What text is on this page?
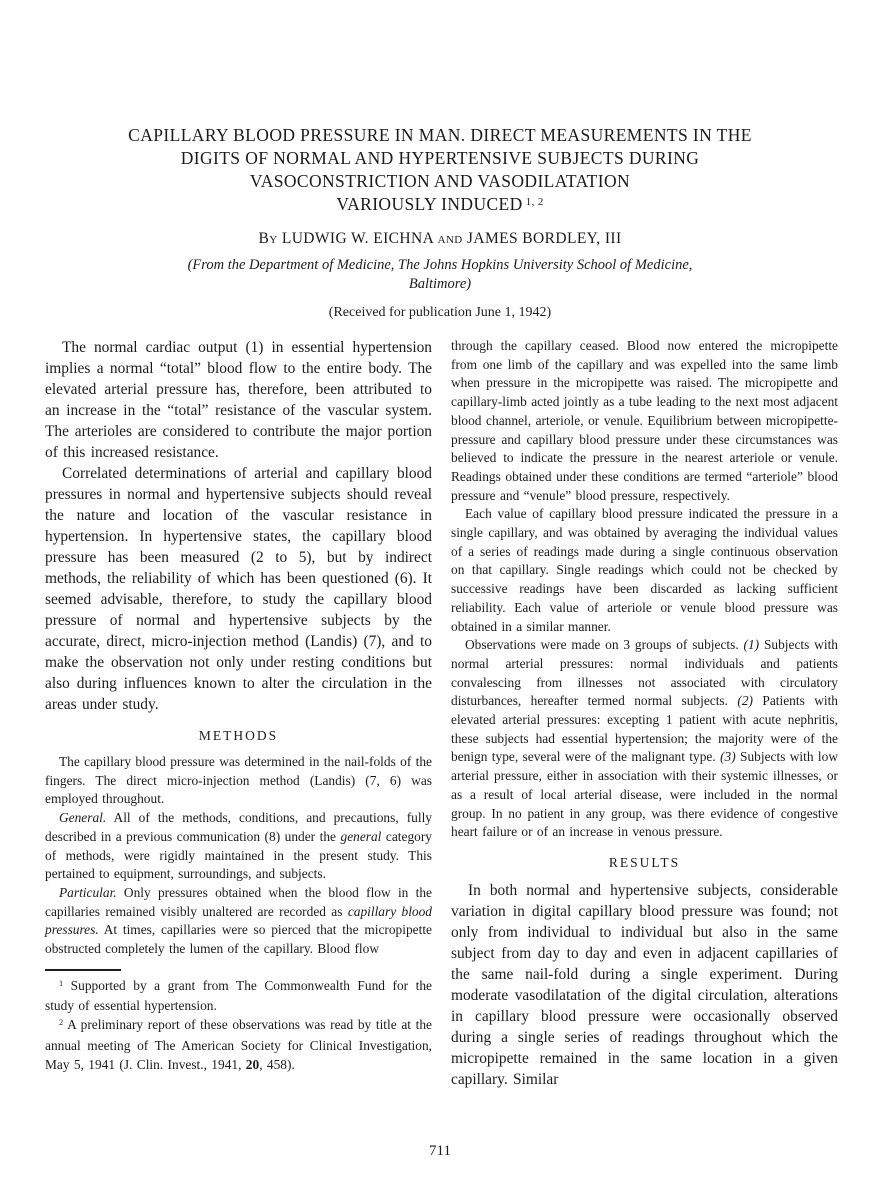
CAPILLARY BLOOD PRESSURE IN MAN. DIRECT MEASUREMENTS IN THE
DIGITS OF NORMAL AND HYPERTENSIVE SUBJECTS DURING
VASOCONSTRICTION AND VASODILATATION
VARIOUSLY INDUCED $^{1, 2}$
By LUDWIG W. EICHNA and JAMES BORDLEY, III
(From the Department of Medicine, The Johns Hopkins University School of Medicine,
Baltimore)
(Received for publication June 1, 1942)

The normal cardiac output (1) in essential hypertension implies a normal “total” blood flow to the entire body. The elevated arterial pressure has, therefore, been attributed to an increase in the “total” resistance of the vascular system. The arterioles are considered to contribute the major portion of this increased resistance.

Correlated determinations of arterial and capillary blood pressures in normal and hypertensive subjects should reveal the nature and location of the vascular resistance in hypertension. In hypertensive states, the capillary blood pressure has been measured (2 to 5), but by indirect methods, the reliability of which has been questioned (6). It seemed advisable, therefore, to study the capillary blood pressure of normal and hypertensive subjects by the accurate, direct, micro-injection method (Landis) (7), and to make the observation not only under resting conditions but also during influences known to alter the circulation in the areas under study.

METHODS

The capillary blood pressure was determined in the nail-folds of the fingers. The direct micro-injection method (Landis) (7, 6) was employed throughout.

General. All of the methods, conditions, and precautions, fully described in a previous communication (8) under the general category of methods, were rigidly maintained in the present study. This pertained to equipment, surroundings, and subjects.

Particular. Only pressures obtained when the blood flow in the capillaries remained visibly unaltered are recorded as capillary blood pressures. At times, capillaries were so pierced that the micropipette obstructed completely the lumen of the capillary. Blood flow

$^1$ Supported by a grant from The Commonwealth Fund for the study of essential hypertension.

$^2$ A preliminary report of these observations was read by title at the annual meeting of The American Society for Clinical Investigation, May 5, 1941 (J. Clin. Invest., 1941, 20, 458).

through the capillary ceased. Blood now entered the micropipette from one limb of the capillary and was expelled into the same limb when pressure in the micropipette was raised. The micropipette and capillary-limb acted jointly as a tube leading to the next most adjacent blood channel, arteriole, or venule. Equilibrium between micropipette-pressure and capillary blood pressure under these circumstances was believed to indicate the pressure in the nearest arteriole or venule. Readings obtained under these conditions are termed “arteriole” blood pressure and “venule” blood pressure, respectively.

Each value of capillary blood pressure indicated the pressure in a single capillary, and was obtained by averaging the individual values of a series of readings made during a single continuous observation on that capillary. Single readings which could not be checked by successive readings have been discarded as lacking sufficient reliability. Each value of arteriole or venule blood pressure was obtained in a similar manner.

Observations were made on 3 groups of subjects. (1) Subjects with normal arterial pressures: normal individuals and patients convalescing from illnesses not associated with circulatory disturbances, hereafter termed normal subjects. (2) Patients with elevated arterial pressures: excepting 1 patient with acute nephritis, these subjects had essential hypertension; the majority were of the benign type, several were of the malignant type. (3) Subjects with low arterial pressure, either in association with their systemic illnesses, or as a result of local arterial disease, were included in the normal group. In no patient in any group, was there evidence of congestive heart failure or of an increase in venous pressure.

RESULTS

In both normal and hypertensive subjects, considerable variation in digital capillary blood pressure was found; not only from individual to individual but also in the same subject from day to day and even in adjacent capillaries of the same nail-fold during a single experiment. During moderate vasodilatation of the digital circulation, alterations in capillary blood pressure were occasionally observed during a single series of readings throughout which the micropipette remained in the same location in a given capillary. Similar

711
